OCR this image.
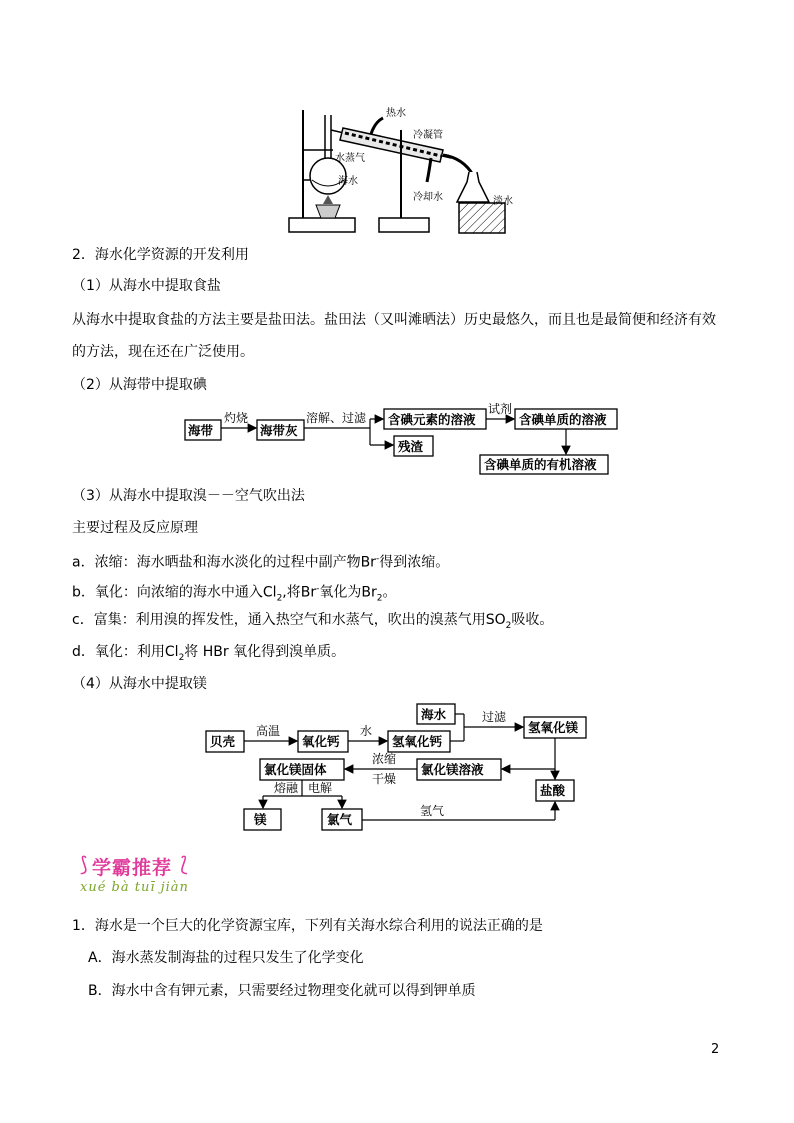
热水
冷凝管
水蒸气
海水
冷却水	淡水
2．海水化学资源的开发利用
（1）从海水中提取食盐
从海水中提取食盐的方法主要是盐田法。盐田法（又叫滩晒法）历史最悠久，而且也是最简便和经济有效
的方法，现在还在广泛使用。
（2）从海带中提取碘
海带
灼烧
海带灰
溶解、过滤 含碘元素的溶液
残渣
试剂
含碘单质的溶液
含碘单质的有机溶液
（3）从海水中提取溴－－空气吹出法
主要过程及反应原理
a．浓缩：海水晒盐和海水淡化的过程中副产物Br-得到浓缩。
b．氧化：向浓缩的海水中通入$Cl_2$,将Br-氧化为$Br_2$。
c．富集：利用溴的挥发性，通入热空气和水蒸气，吹出的溴蒸气用$SO_2$吸收。
d．氧化：利用$Cl_2$将 HBr 氧化得到溴单质。
（4）从海水中提取镁
贝壳
高温
氧化钙
水
海水
氢氧化钙
过滤
氢氧化镁
盐酸
氯化镁溶液
浓缩
干燥
氯化镁固体
熔融 电解
镁	氯气
氢气
⟆ 学霸推荐 ⟅
xué bà tuī jiàn
1．海水是一个巨大的化学资源宝库，下列有关海水综合利用的说法正确的是
A．海水蒸发制海盐的过程只发生了化学变化
B．海水中含有钾元素，只需要经过物理变化就可以得到钾单质
2
